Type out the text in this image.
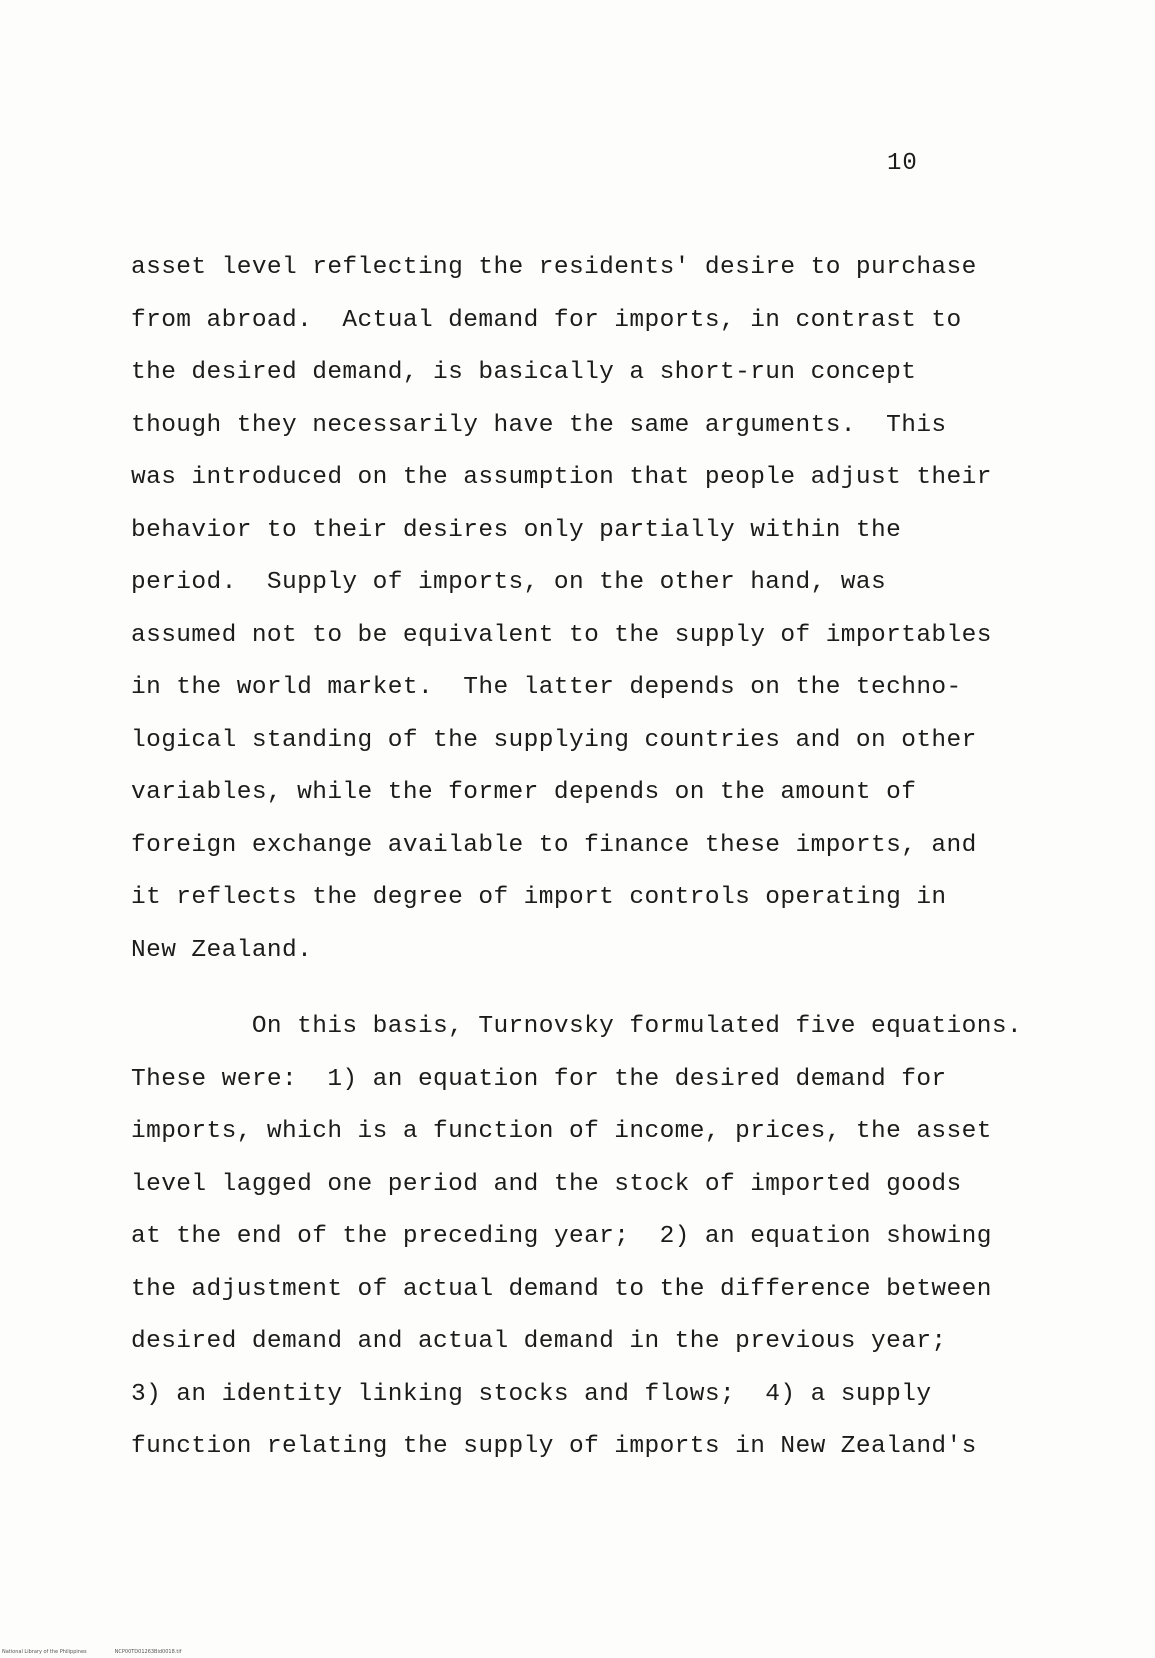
10
asset level reflecting the residents' desire to purchase
from abroad.  Actual demand for imports, in contrast to
the desired demand, is basically a short-run concept
though they necessarily have the same arguments.  This
was introduced on the assumption that people adjust their
behavior to their desires only partially within the
period.  Supply of imports, on the other hand, was
assumed not to be equivalent to the supply of importables
in the world market.  The latter depends on the techno-
logical standing of the supplying countries and on other
variables, while the former depends on the amount of
foreign exchange available to finance these imports, and
it reflects the degree of import controls operating in
New Zealand.
On this basis, Turnovsky formulated five equations.
These were:  1) an equation for the desired demand for
imports, which is a function of income, prices, the asset
level lagged one period and the stock of imported goods
at the end of the preceding year;  2) an equation showing
the adjustment of actual demand to the difference between
desired demand and actual demand in the previous year;
3) an identity linking stocks and flows;  4) a supply
function relating the supply of imports in New Zealand's
National Library of the Philippines	NCP00TD01263Bid0018.tif
